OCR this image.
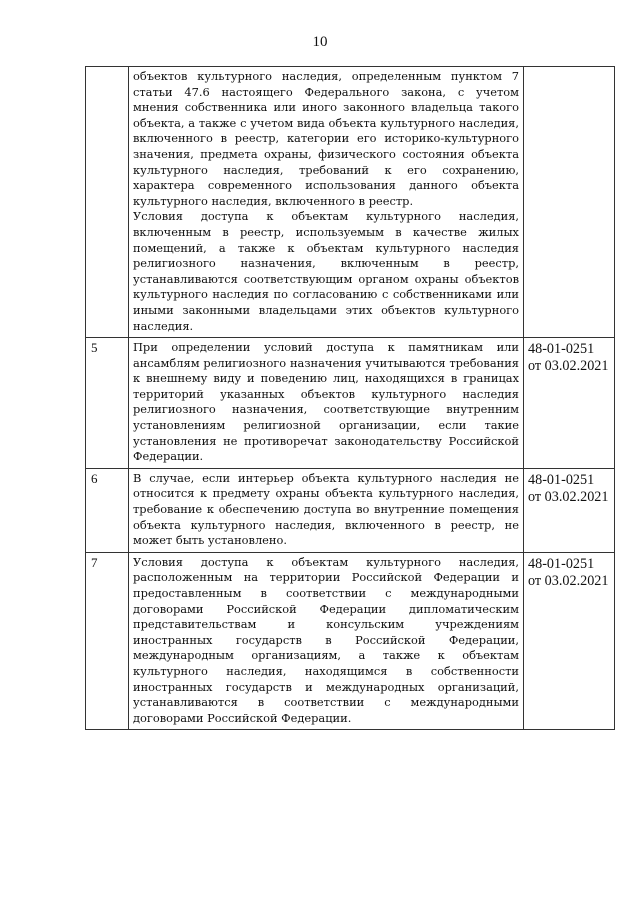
10

	объектов культурного наследия, определенным пунктом 7 статьи 47.6 настоящего Федерального закона, с учетом мнения собственника или иного законного владельца такого объекта, а также с учетом вида объекта культурного наследия, включенного в реестр, категории его историко-культурного значения, предмета охраны, физического состояния объекта культурного наследия, требований к его сохранению, характера современного использования данного объекта культурного наследия, включенного в реестр.

Условия доступа к объектам культурного наследия, включенным в реестр, используемым в качестве жилых помещений, а также к объектам культурного наследия религиозного назначения, включенным в реестр, устанавливаются соответствующим органом охраны объектов культурного наследия по согласованию с собственниками или иными законными владельцами этих объектов культурного наследия.	

5	При определении условий доступа к памятникам или ансамблям религиозного назначения учитываются требования к внешнему виду и поведению лиц, находящихся в границах территорий указанных объектов культурного наследия религиозного назначения, соответствующие внутренним установлениям религиозной организации, если такие установления не противоречат законодательству Российской Федерации.	48-01-0251
от 03.02.2021

6	В случае, если интерьер объекта культурного наследия не относится к предмету охраны объекта культурного наследия, требование к обеспечению доступа во внутренние помещения объекта культурного наследия, включенного в реестр, не может быть установлено.	48-01-0251
от 03.02.2021

7	Условия доступа к объектам культурного наследия, расположенным на территории Российской Федерации и предоставленным в соответствии с международными договорами Российской Федерации дипломатическим представительствам и консульским учреждениям иностранных государств в Российской Федерации, международным организациям, а также к объектам культурного наследия, находящимся в собственности иностранных государств и международных организаций, устанавливаются в соответствии с международными договорами Российской Федерации.	48-01-0251
от 03.02.2021
